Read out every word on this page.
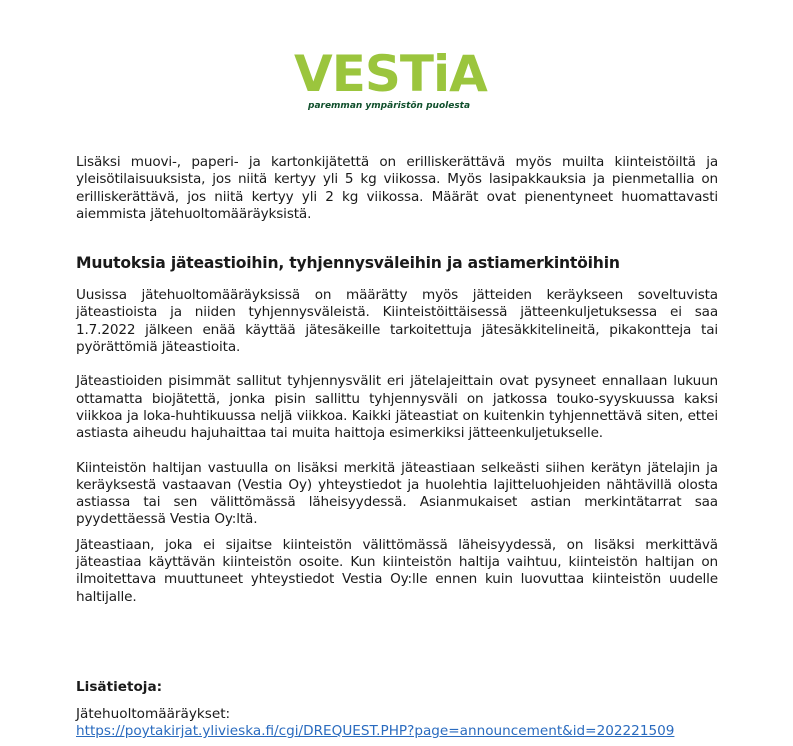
VESTiA
paremman ympäristön puolesta

Lisäksi muovi-, paperi- ja kartonkijätettä on erilliskerättävä myös muilta kiinteistöiltä ja yleisötilaisuuksista, jos niitä kertyy yli 5 kg viikossa. Myös lasipakkauksia ja pienmetallia on erilliskerättävä, jos niitä kertyy yli 2 kg viikossa. Määrät ovat pienentyneet huomattavasti aiemmista jätehuoltomääräyksistä.

Muutoksia jäteastioihin, tyhjennysväleihin ja astiamerkintöihin

Uusissa jätehuoltomääräyksissä on määrätty myös jätteiden keräykseen soveltuvista jäteastioista ja niiden tyhjennysväleistä. Kiinteistöittäisessä jätteenkuljetuksessa ei saa 1.7.2022 jälkeen enää käyttää jätesäkeille tarkoitettuja jätesäkkitelineitä, pikakontteja tai pyörättömiä jäteastioita.

Jäteastioiden pisimmät sallitut tyhjennysvälit eri jätelajeittain ovat pysyneet ennallaan lukuun ottamatta biojätettä, jonka pisin sallittu tyhjennysväli on jatkossa touko-syyskuussa kaksi viikkoa ja loka-huhtikuussa neljä viikkoa. Kaikki jäteastiat on kuitenkin tyhjennettävä siten, ettei astiasta aiheudu hajuhaittaa tai muita haittoja esimerkiksi jätteenkuljetukselle.

Kiinteistön haltijan vastuulla on lisäksi merkitä jäteastiaan selkeästi siihen kerätyn jätelajin ja keräyksestä vastaavan (Vestia Oy) yhteystiedot ja huolehtia lajitteluohjeiden nähtävillä olosta astiassa tai sen välittömässä läheisyydessä. Asianmukaiset astian merkintätarrat saa pyydettäessä Vestia Oy:ltä.

Jäteastiaan, joka ei sijaitse kiinteistön välittömässä läheisyydessä, on lisäksi merkittävä jäteastiaa käyttävän kiinteistön osoite. Kun kiinteistön haltija vaihtuu, kiinteistön haltijan on ilmoitettava muuttuneet yhteystiedot Vestia Oy:lle ennen kuin luovuttaa kiinteistön uudelle haltijalle.

Lisätietoja:
Jätehuoltomääräykset:
https://poytakirjat.ylivieska.fi/cgi/DREQUEST.PHP?page=announcement&id=202221509
